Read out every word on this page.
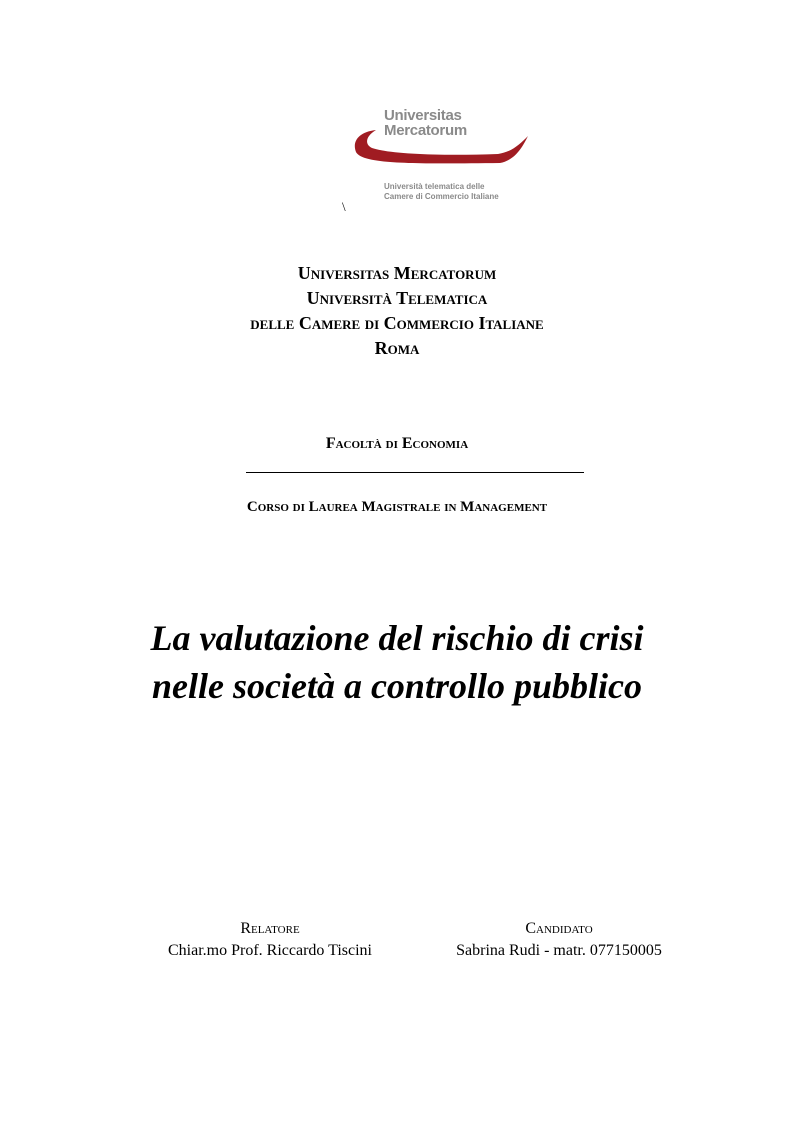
Universitas
Mercatorum
Università telematica delle
Camere di Commercio Italiane
\
Universitas Mercatorum
Università Telematica
delle Camere di Commercio Italiane
Roma
Facoltà di Economia
Corso di Laurea Magistrale in Management
La valutazione del rischio di crisi
nelle società a controllo pubblico
Relatore
Chiar.mo Prof. Riccardo Tiscini
Candidato
Sabrina Rudi - matr. 077150005
